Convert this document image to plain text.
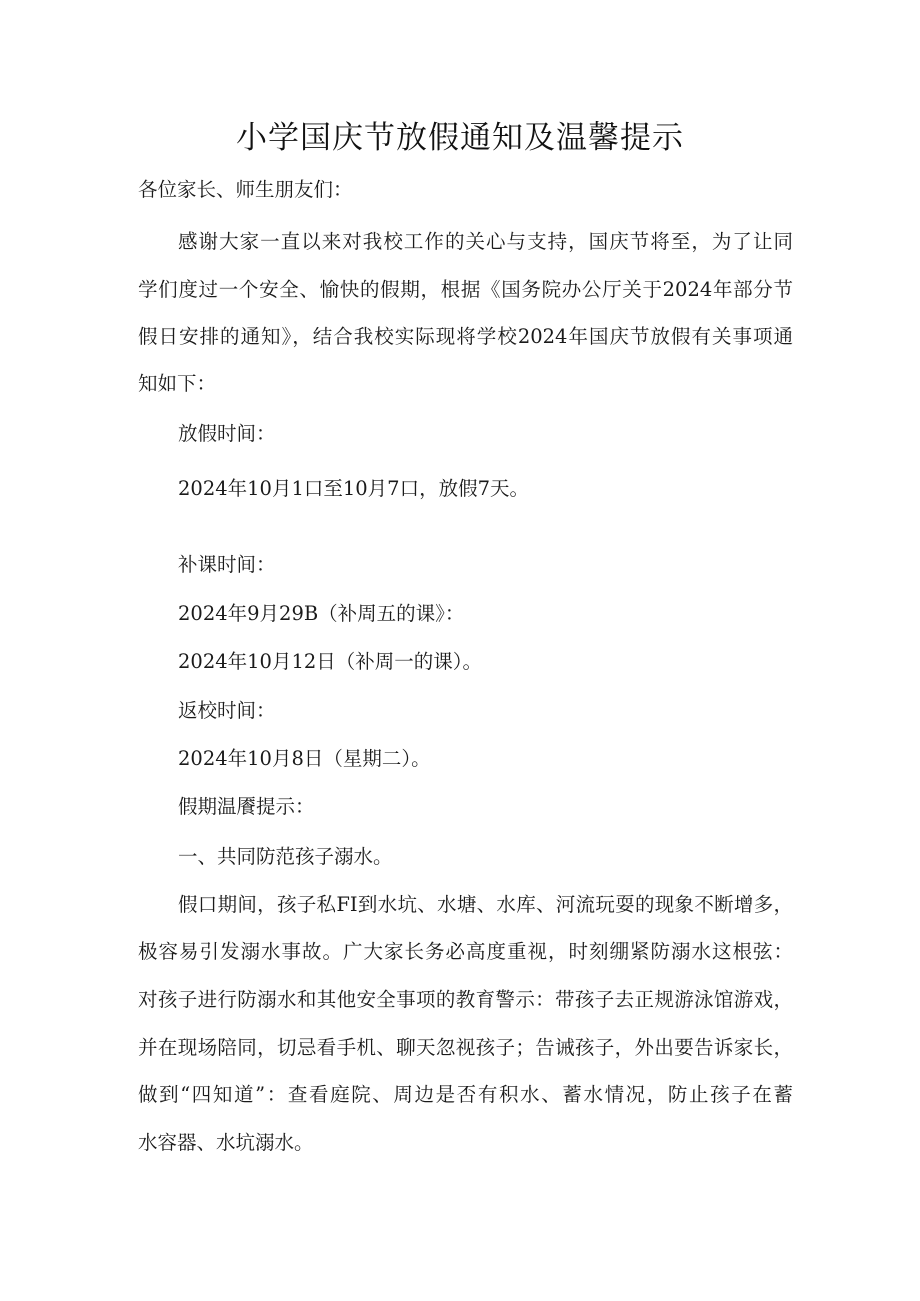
小学国庆节放假通知及温馨提示

各位家长、师生朋友们：

感谢大家一直以来对我校工作的关心与支持，国庆节将至，为了让同

学们度过一个安全、愉快的假期，根据《国务院办公厅关于2024年部分节

假日安排的通知》，结合我校实际现将学校2024年国庆节放假有关事项通

知如下：

放假时间：

2024年10月1口至10月7口，放假7天。

补课时间：

2024年9月29B（补周五的课》：

2024年10月12日（补周一的课）。

返校时间：

2024年10月8日（星期二）。

假期温餍提示：

一、共同防范孩子溺水。

假口期间，孩子私FI到水坑、水塘、水库、河流玩耍的现象不断增多，

极容易引发溺水事故。广大家长务必高度重视，时刻绷紧防溺水这根弦：

对孩子进行防溺水和其他安全事项的教育警示：带孩子去正规游泳馆游戏，

并在现场陪同，切忌看手机、聊天忽视孩子；告诫孩子，外出要告诉家长，

做到“四知道”：查看庭院、周边是否有积水、蓄水情况，防止孩子在蓄

水容器、水坑溺水。
